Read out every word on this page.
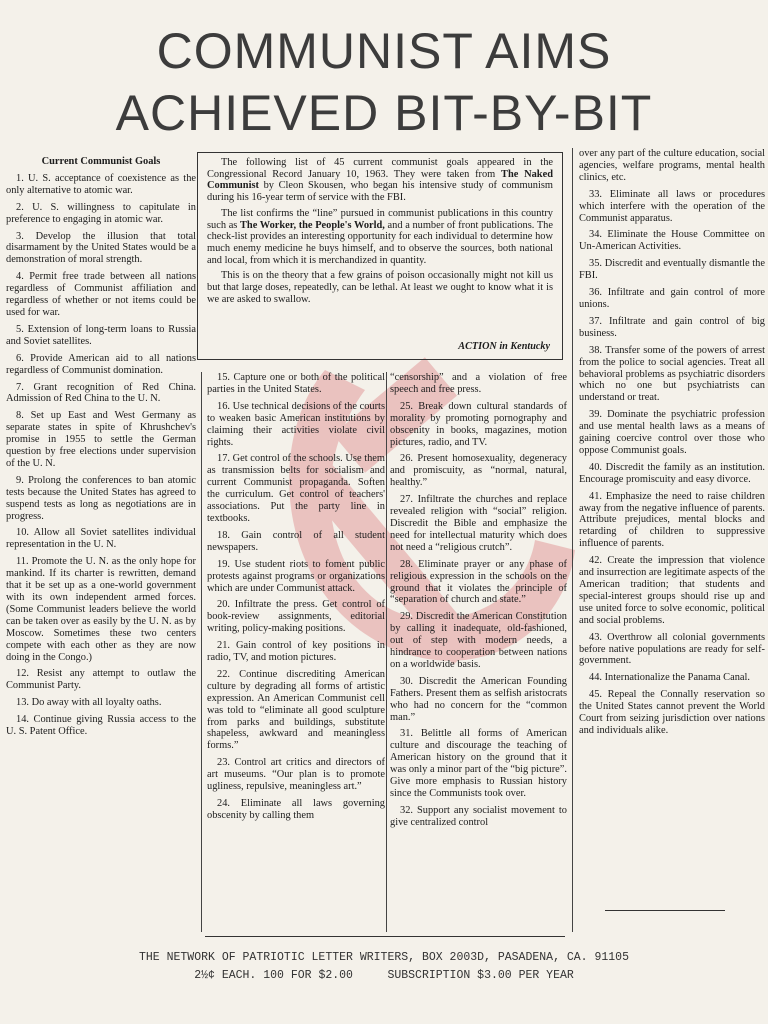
COMMUNIST AIMS
ACHIEVED BIT-BY-BIT

The following list of 45 current communist goals appeared in the Congressional Record January 10, 1963. They were taken from The Naked Communist by Cleon Skousen, who began his intensive study of communism during his 16-year term of service with the FBI.

The list confirms the “line” pursued in communist publications in this country such as The Worker, the People's World, and a number of front publications. The check-list provides an interesting opportunity for each individual to determine how much enemy medicine he buys himself, and to observe the sources, both national and local, from which it is merchandized in quantity.

This is on the theory that a few grains of poison occasionally might not kill us but that large doses, repeatedly, can be lethal. At least we ought to know what it is we are asked to swallow.

ACTION in Kentucky
Current Communist Goals

1. U. S. acceptance of coexistence as the only alternative to atomic war.

2. U. S. willingness to capitulate in preference to engaging in atomic war.

3. Develop the illusion that total disarmament by the United States would be a demonstration of moral strength.

4. Permit free trade between all nations regardless of Communist affiliation and regardless of whether or not items could be used for war.

5. Extension of long-term loans to Russia and Soviet satellites.

6. Provide American aid to all nations regardless of Communist domination.

7. Grant recognition of Red China. Admission of Red China to the U. N.

8. Set up East and West Germany as separate states in spite of Khrushchev's promise in 1955 to settle the German question by free elections under supervision of the U. N.

9. Prolong the conferences to ban atomic tests because the United States has agreed to suspend tests as long as negotiations are in progress.

10. Allow all Soviet satellites individual representation in the U. N.

11. Promote the U. N. as the only hope for mankind. If its charter is rewritten, demand that it be set up as a one-world government with its own independent armed forces. (Some Communist leaders believe the world can be taken over as easily by the U. N. as by Moscow. Sometimes these two centers compete with each other as they are now doing in the Congo.)

12. Resist any attempt to outlaw the Communist Party.

13. Do away with all loyalty oaths.

14. Continue giving Russia access to the U. S. Patent Office.

15. Capture one or both of the political parties in the United States.

16. Use technical decisions of the courts to weaken basic American institutions by claiming their activities violate civil rights.

17. Get control of the schools. Use them as transmission belts for socialism and current Communist propaganda. Soften the curriculum. Get control of teachers' associations. Put the party line in textbooks.

18. Gain control of all student newspapers.

19. Use student riots to foment public protests against programs or organizations which are under Communist attack.

20. Infiltrate the press. Get control of book-review assignments, editorial writing, policy-making positions.

21. Gain control of key positions in radio, TV, and motion pictures.

22. Continue discrediting American culture by degrading all forms of artistic expression. An American Communist cell was told to “eliminate all good sculpture from parks and buildings, substitute shapeless, awkward and meaningless forms.”

23. Control art critics and directors of art museums. “Our plan is to promote ugliness, repulsive, meaningless art.”

24. Eliminate all laws governing obscenity by calling them

“censorship” and a violation of free speech and free press.

25. Break down cultural standards of morality by promoting pornography and obscenity in books, magazines, motion pictures, radio, and TV.

26. Present homosexuality, degeneracy and promiscuity, as “normal, natural, healthy.”

27. Infiltrate the churches and replace revealed religion with “social” religion. Discredit the Bible and emphasize the need for intellectual maturity which does not need a “religious crutch”.

28. Eliminate prayer or any phase of religious expression in the schools on the ground that it violates the principle of “separation of church and state.”

29. Discredit the American Constitution by calling it inadequate, old-fashioned, out of step with modern needs, a hindrance to cooperation between nations on a worldwide basis.

30. Discredit the American Founding Fathers. Present them as selfish aristocrats who had no concern for the “common man.”

31. Belittle all forms of American culture and discourage the teaching of American history on the ground that it was only a minor part of the “big picture”. Give more emphasis to Russian history since the Communists took over.

32. Support any socialist movement to give centralized control

over any part of the culture education, social agencies, welfare programs, mental health clinics, etc.

33. Eliminate all laws or procedures which interfere with the operation of the Communist apparatus.

34. Eliminate the House Committee on Un-American Activities.

35. Discredit and eventually dismantle the FBI.

36. Infiltrate and gain control of more unions.

37. Infiltrate and gain control of big business.

38. Transfer some of the powers of arrest from the police to social agencies. Treat all behavioral problems as psychiatric disorders which no one but psychiatrists can understand or treat.

39. Dominate the psychiatric profession and use mental health laws as a means of gaining coercive control over those who oppose Communist goals.

40. Discredit the family as an institution. Encourage promiscuity and easy divorce.

41. Emphasize the need to raise children away from the negative influence of parents. Attribute prejudices, mental blocks and retarding of children to suppressive influence of parents.

42. Create the impression that violence and insurrection are legitimate aspects of the American tradition; that students and special-interest groups should rise up and use united force to solve economic, political and social problems.

43. Overthrow all colonial governments before native populations are ready for self-government.

44. Internationalize the Panama Canal.

45. Repeal the Connally reservation so the United States cannot prevent the World Court from seizing jurisdiction over nations and individuals alike.

THE NETWORK OF PATRIOTIC LETTER WRITERS, BOX 2003D, PASADENA, CA. 91105
2½¢ EACH. 100 FOR $2.00     SUBSCRIPTION $3.00 PER YEAR
